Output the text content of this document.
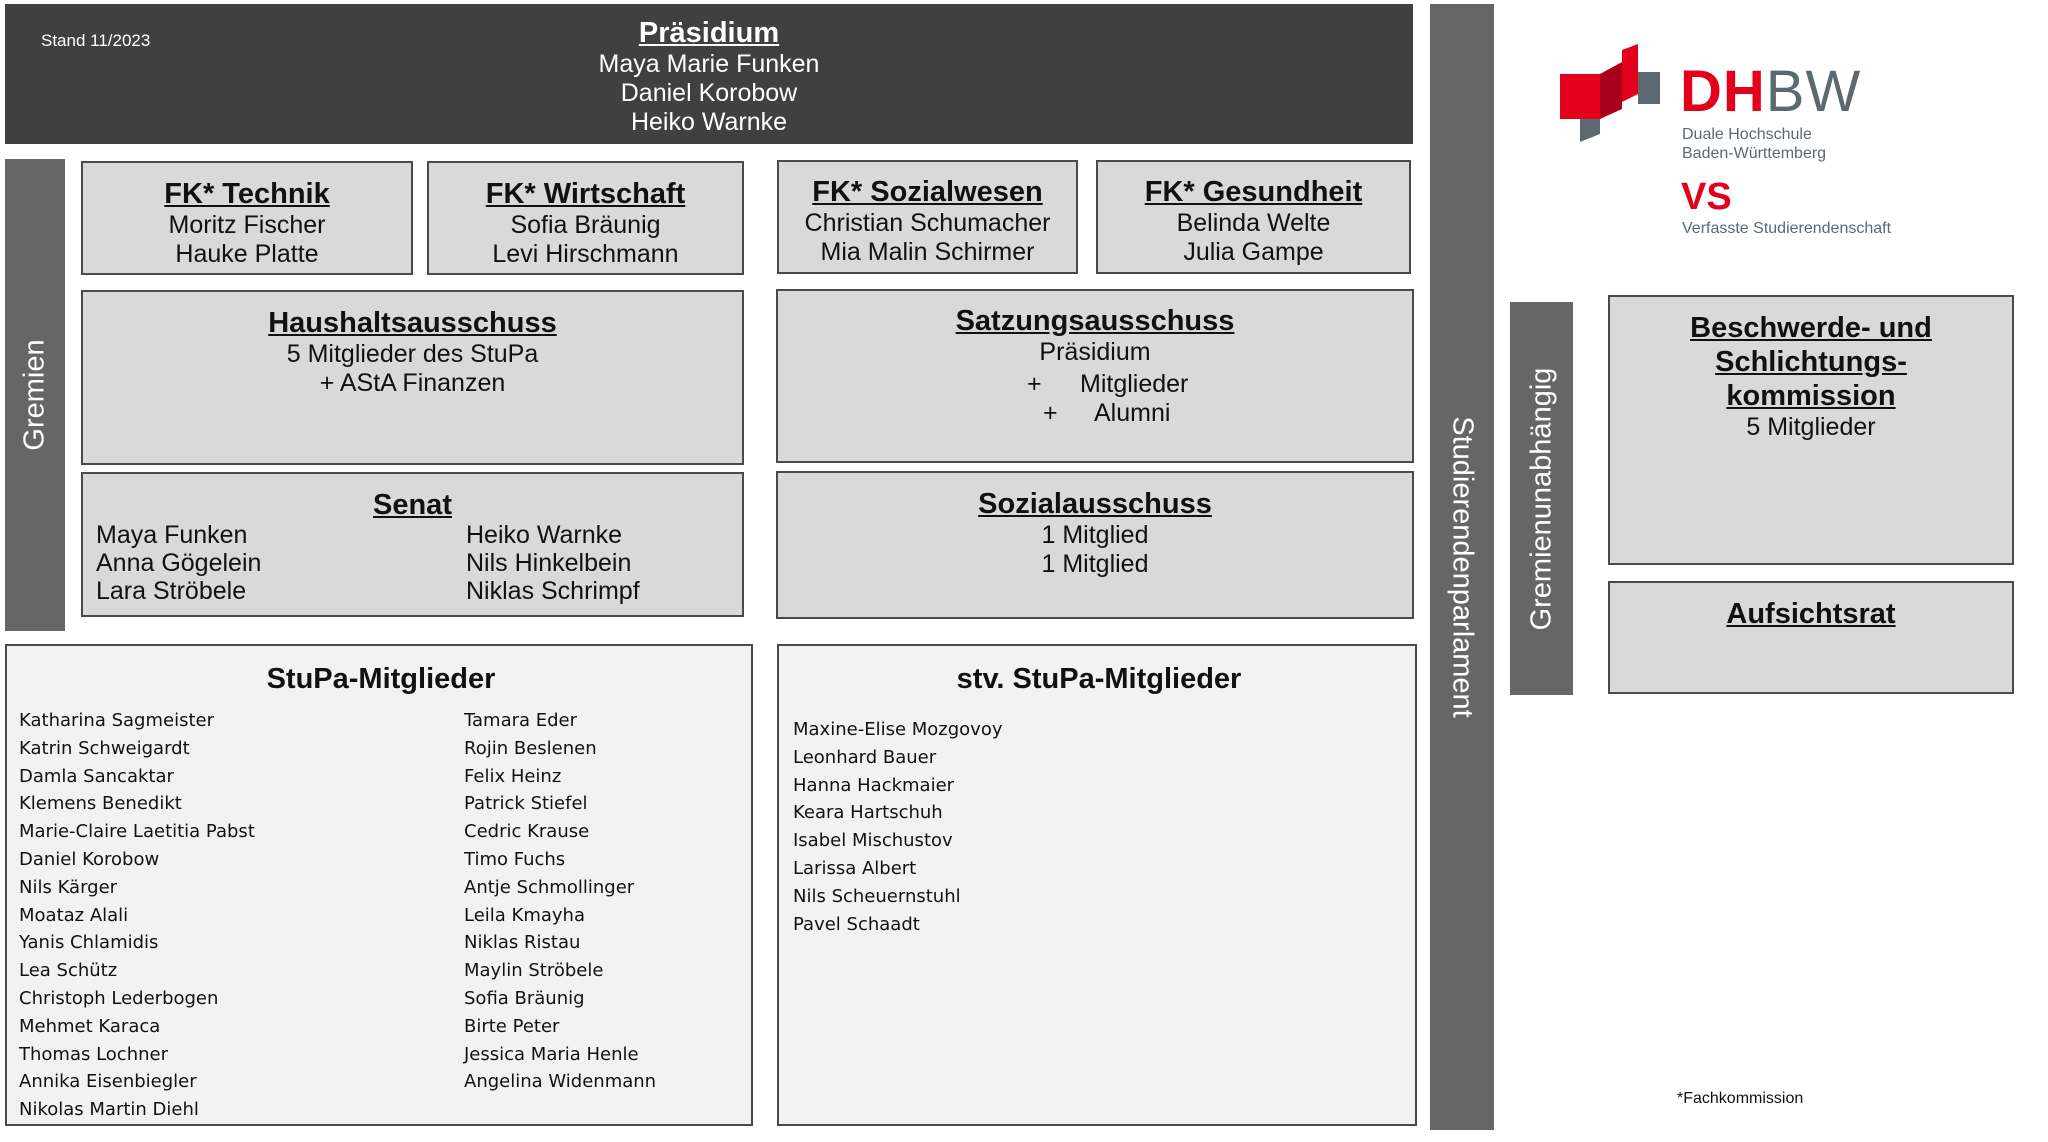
Stand 11/2023	Präsidium
Maya Marie Funken
Daniel Korobow
Heiko Warnke
Gremien
Studierendenparlament
FK* Technik
Moritz Fischer
Hauke Platte
FK* Wirtschaft
Sofia Bräunig
Levi Hirschmann
FK* Sozialwesen
Christian Schumacher
Mia Malin Schirmer
FK* Gesundheit
Belinda Welte
Julia Gampe
Haushaltsausschuss
5 Mitglieder des StuPa
+ AStA Finanzen
Satzungsausschuss
Präsidium
+ Mitglieder
+ Alumni
Senat
Maya Funken
Anna Gögelein
Lara Ströbele
Heiko Warnke
Nils Hinkelbein
Niklas Schrimpf
Sozialausschuss
1 Mitglied
1 Mitglied
StuPa-Mitglieder
Katharina Sagmeister
Katrin Schweigardt
Damla Sancaktar
Klemens Benedikt
Marie-Claire Laetitia Pabst
Daniel Korobow
Nils Kärger
Moataz Alali
Yanis Chlamidis
Lea Schütz
Christoph Lederbogen
Mehmet Karaca
Thomas Lochner
Annika Eisenbiegler
Nikolas Martin Diehl
Tamara Eder
Rojin Beslenen
Felix Heinz
Patrick Stiefel
Cedric Krause
Timo Fuchs
Antje Schmollinger
Leila Kmayha
Niklas Ristau
Maylin Ströbele
Sofia Bräunig
Birte Peter
Jessica Maria Henle
Angelina Widenmann
stv. StuPa-Mitglieder
Maxine-Elise Mozgovoy
Leonhard Bauer
Hanna Hackmaier
Keara Hartschuh
Isabel Mischustov
Larissa Albert
Nils Scheuernstuhl
Pavel Schaadt
DHBW
Duale Hochschule
Baden-Württemberg
VS
Verfasste Studierendenschaft
Gremienunabhängig
Beschwerde- und
Schlichtungs-
kommission
5 Mitglieder
Aufsichtsrat
*Fachkommission
